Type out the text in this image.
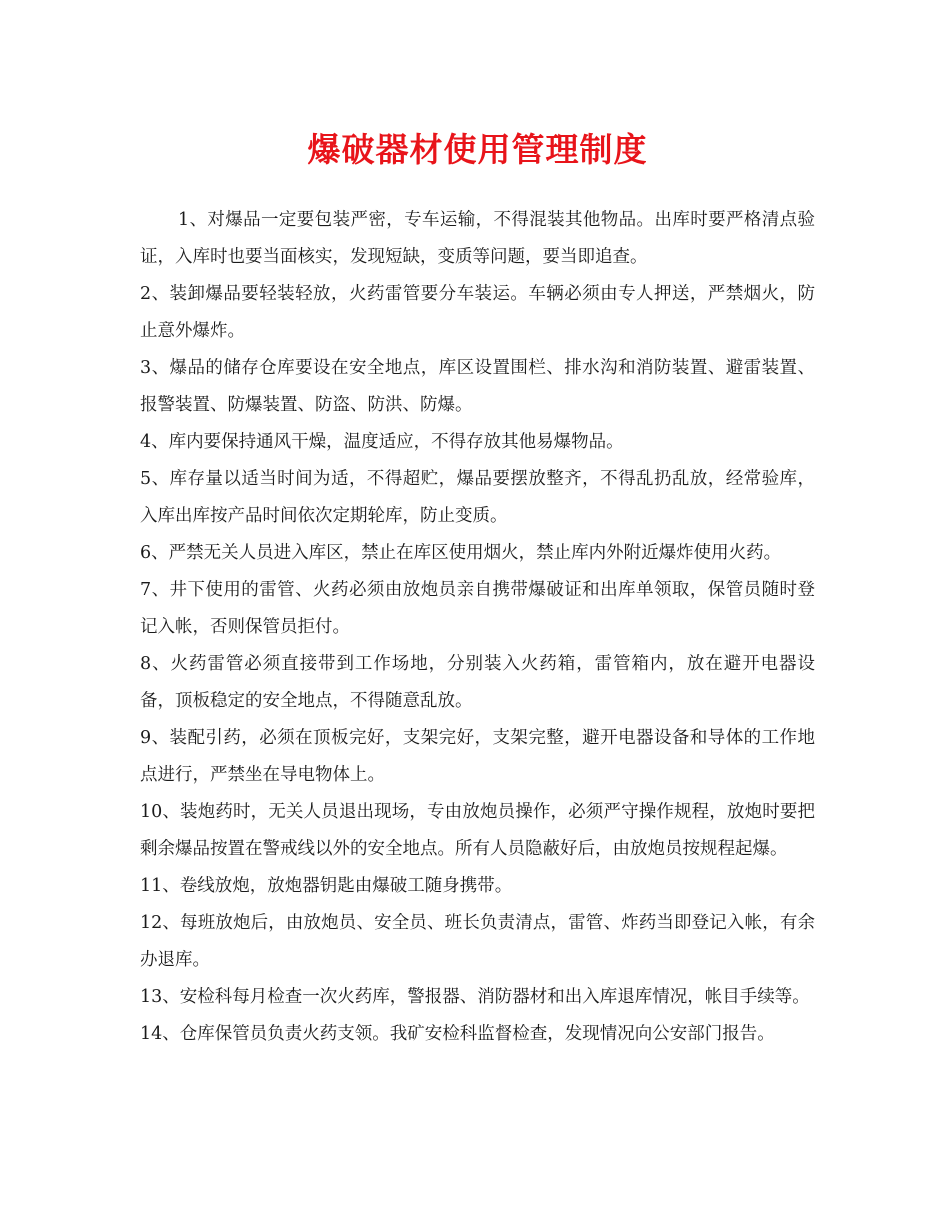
爆破器材使用管理制度

1、对爆品一定要包装严密，专车运输，不得混装其他物品。出库时要严格清点验证，入库时也要当面核实，发现短缺，变质等问题，要当即追查。

2、装卸爆品要轻装轻放，火药雷管要分车装运。车辆必须由专人押送，严禁烟火，防止意外爆炸。

3、爆品的储存仓库要设在安全地点，库区设置围栏、排水沟和消防装置、避雷装置、报警装置、防爆装置、防盗、防洪、防爆。

4、库内要保持通风干燥，温度适应，不得存放其他易爆物品。

5、库存量以适当时间为适，不得超贮，爆品要摆放整齐，不得乱扔乱放，经常验库，入库出库按产品时间依次定期轮库，防止变质。

6、严禁无关人员进入库区，禁止在库区使用烟火，禁止库内外附近爆炸使用火药。

7、井下使用的雷管、火药必须由放炮员亲自携带爆破证和出库单领取，保管员随时登记入帐，否则保管员拒付。

8、火药雷管必须直接带到工作场地，分别装入火药箱，雷管箱内，放在避开电器设备，顶板稳定的安全地点，不得随意乱放。

9、装配引药，必须在顶板完好，支架完好，支架完整，避开电器设备和导体的工作地点进行，严禁坐在导电物体上。

10、装炮药时，无关人员退出现场，专由放炮员操作，必须严守操作规程，放炮时要把剩余爆品按置在警戒线以外的安全地点。所有人员隐蔽好后，由放炮员按规程起爆。

11、卷线放炮，放炮器钥匙由爆破工随身携带。

12、每班放炮后，由放炮员、安全员、班长负责清点，雷管、炸药当即登记入帐，有余办退库。

13、安检科每月检查一次火药库，警报器、消防器材和出入库退库情况，帐目手续等。

14、仓库保管员负责火药支领。我矿安检科监督检查，发现情况向公安部门报告。
